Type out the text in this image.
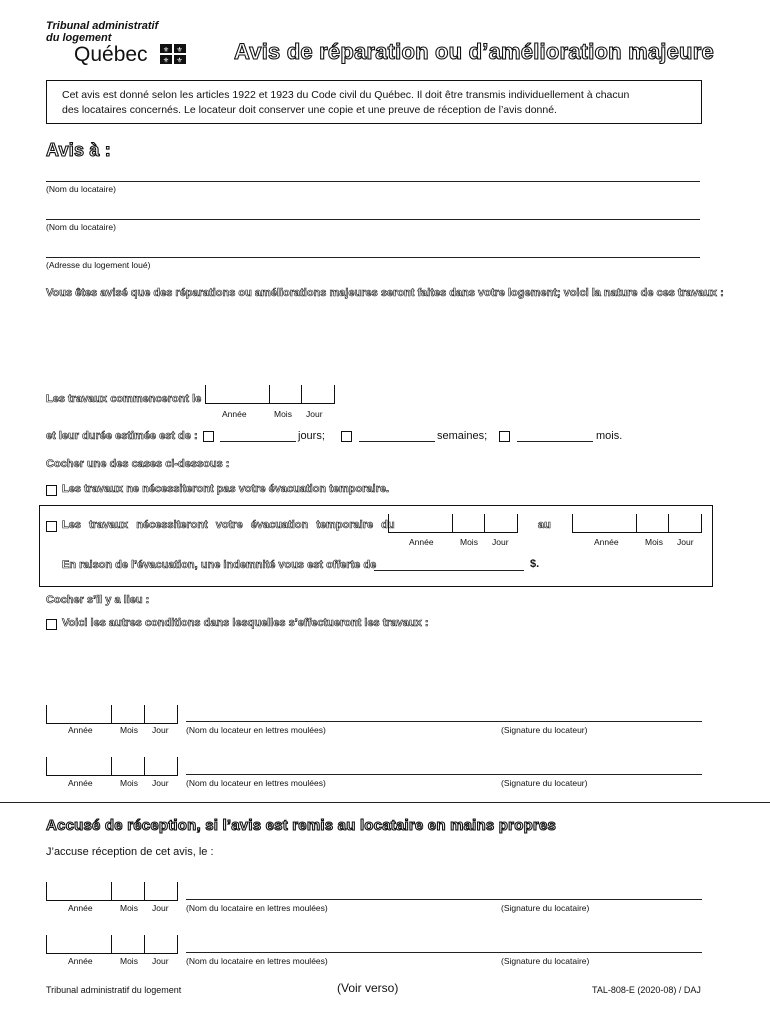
Tribunal administratif
du logement
Québec ⚜ ⚜
⚜ ⚜ Avis de réparation ou d’amélioration majeure
Cet avis est donné selon les articles 1922 et 1923 du Code civil du Québec. Il doit être transmis individuellement à chacun
des locataires concernés. Le locateur doit conserver une copie et une preuve de réception de l’avis donné.
Avis à :
(Nom du locataire)
(Nom du locataire)
(Adresse du logement loué)
Vous êtes avisé que des réparations ou améliorations majeures seront faites dans votre logement; voici la nature de ces travaux :
Les travaux commenceront le
Année	Mois Jour
et leur durée estimée est de :	jours;	semaines;	mois.
Cocher une des cases ci-dessous :
Les travaux ne nécessiteront pas votre évacuation temporaire.
Les travaux nécessiteront votre évacuation temporaire du
Année	Mois Jour
au
Année	Mois Jour
En raison de l’évacuation, une indemnité vous est offerte de	$.
Cocher s’il y a lieu :
Voici les autres conditions dans lesquelles s’effectueront les travaux :
Année	Mois Jour (Nom du locateur en lettres moulées)	(Signature du locateur)
Année	Mois Jour (Nom du locateur en lettres moulées)	(Signature du locateur)
Accusé de réception, si l’avis est remis au locataire en mains propres
J’accuse réception de cet avis, le :
Année	Mois Jour (Nom du locataire en lettres moulées)	(Signature du locataire)
Année	Mois Jour (Nom du locataire en lettres moulées)	(Signature du locataire)
Tribunal administratif du logement	(Voir verso)	TAL-808-E (2020-08) / DAJ
